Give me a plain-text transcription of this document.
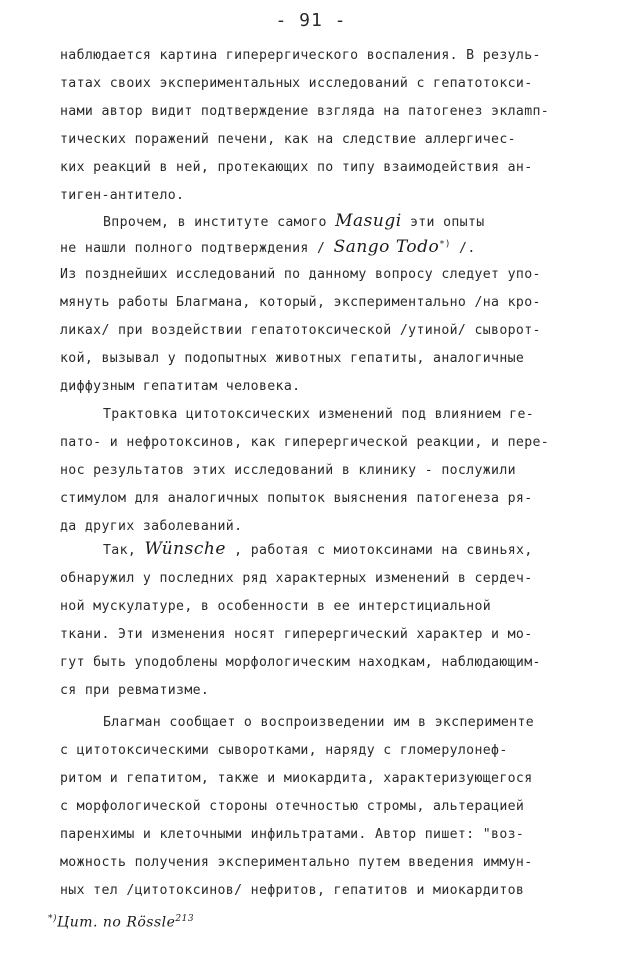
- 91 -
наблюдается картина гиперергического воспаления. В резуль-
татах своих экспериментальных исследований с гепатотокси-
нами автор видит подтверждение взгляда на патогенез эклamп-
тических поражений печени, как на следствие аллергичес-
ких реакций в ней, протекающих по типу взаимодействия ан-
тиген-антитело.
Впрочем, в институте самого Masugi эти опыты
не нашли полного подтверждения / Sango Todo*) /.
Из позднейших исследований по данному вопросу следует упо-
мянуть работы Благмана, который, экспериментально /на кро-
ликах/ при воздействии гепатотоксической /утиной/ сыворот-
кой, вызывал у подопытных животных гепатиты, аналогичные
диффузным гепатитам человека.
Трактовка цитотоксических изменений под влиянием ге-
пато- и нефротоксинов, как гиперергической реакции, и пере-
нос результатов этих исследований в клинику - послужили
стимулом для аналогичных попыток выяснения патогенеза ря-
да других заболеваний.
Так, Wünsche , работая с миотоксинами на свиньях,
обнаружил у последних ряд характерных изменений в сердеч-
ной мускулатуре, в особенности в ее интерстициальной
ткани. Эти изменения носят гиперергический характер и мо-
гут быть уподоблены морфологическим находкам, наблюдающим-
ся при ревматизме.
Благман сообщает о воспроизведении им в эксперименте
с цитотоксическими сыворотками, наряду с гломерулонеф-
ритом и гепатитом, также и миокардита, характеризующегося
с морфологической стороны отечностью стромы, альтерацией
паренхимы и клеточными инфильтратами. Автор пишет: "воз-
можность получения экспериментально путем введения иммун-
ных тел /цитотоксинов/ нефритов, гепатитов и миокардитов
*)Цит. по Rössle$^{213}$
